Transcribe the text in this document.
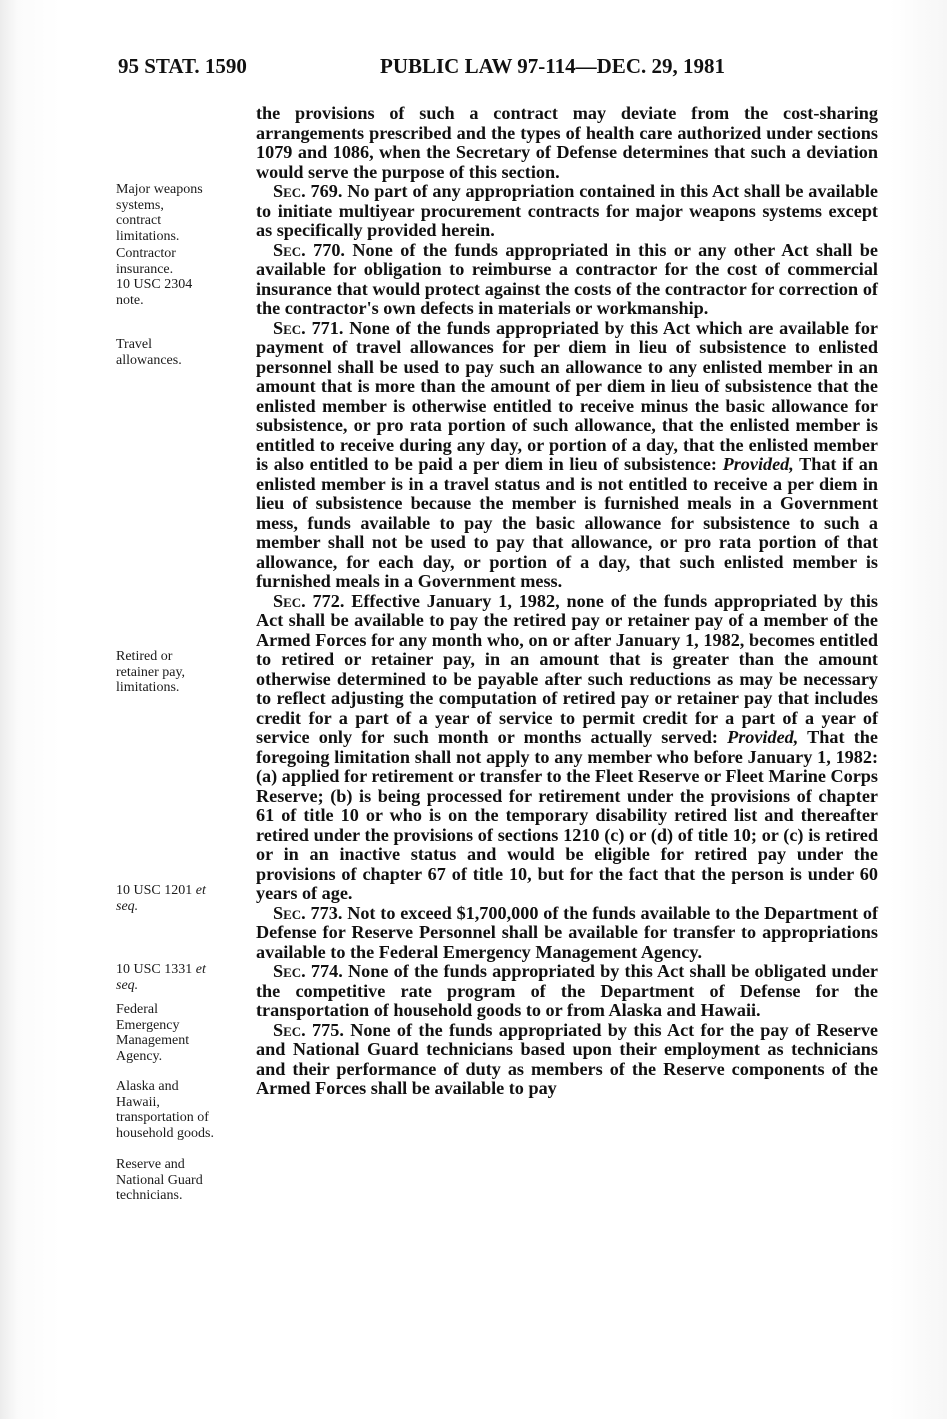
95 STAT. 1590	PUBLIC LAW 97-114—DEC. 29, 1981
Major weapons
systems,
contract
limitations.
Contractor
insurance.
10 USC 2304
note.
Travel
allowances.
Retired or
retainer pay,
limitations.
10 USC 1201 et
seq.
10 USC 1331 et
seq.
Federal
Emergency
Management
Agency.
Alaska and
Hawaii,
transportation of
household goods.
Reserve and
National Guard
technicians.

the provisions of such a contract may deviate from the cost-sharing arrangements prescribed and the types of health care authorized under sections 1079 and 1086, when the Secretary of Defense determines that such a deviation would serve the purpose of this section.

Sec. 769. No part of any appropriation contained in this Act shall be available to initiate multiyear procurement contracts for major weapons systems except as specifically provided herein.

Sec. 770. None of the funds appropriated in this or any other Act shall be available for obligation to reimburse a contractor for the cost of commercial insurance that would protect against the costs of the contractor for correction of the contractor's own defects in materials or workmanship.

Sec. 771. None of the funds appropriated by this Act which are available for payment of travel allowances for per diem in lieu of subsistence to enlisted personnel shall be used to pay such an allowance to any enlisted member in an amount that is more than the amount of per diem in lieu of subsistence that the enlisted member is otherwise entitled to receive minus the basic allowance for subsistence, or pro rata portion of such allowance, that the enlisted member is entitled to receive during any day, or portion of a day, that the enlisted member is also entitled to be paid a per diem in lieu of subsistence: Provided, That if an enlisted member is in a travel status and is not entitled to receive a per diem in lieu of subsistence because the member is furnished meals in a Government mess, funds available to pay the basic allowance for subsistence to such a member shall not be used to pay that allowance, or pro rata portion of that allowance, for each day, or portion of a day, that such enlisted member is furnished meals in a Government mess.

Sec. 772. Effective January 1, 1982, none of the funds appropriated by this Act shall be available to pay the retired pay or retainer pay of a member of the Armed Forces for any month who, on or after January 1, 1982, becomes entitled to retired or retainer pay, in an amount that is greater than the amount otherwise determined to be payable after such reductions as may be necessary to reflect adjusting the computation of retired pay or retainer pay that includes credit for a part of a year of service to permit credit for a part of a year of service only for such month or months actually served: Provided, That the foregoing limitation shall not apply to any member who before January 1, 1982: (a) applied for retirement or transfer to the Fleet Reserve or Fleet Marine Corps Reserve; (b) is being processed for retirement under the provisions of chapter 61 of title 10 or who is on the temporary disability retired list and thereafter retired under the provisions of sections 1210 (c) or (d) of title 10; or (c) is retired or in an inactive status and would be eligible for retired pay under the provisions of chapter 67 of title 10, but for the fact that the person is under 60 years of age.

Sec. 773. Not to exceed $1,700,000 of the funds available to the Department of Defense for Reserve Personnel shall be available for transfer to appropriations available to the Federal Emergency Management Agency.

Sec. 774. None of the funds appropriated by this Act shall be obligated under the competitive rate program of the Department of Defense for the transportation of household goods to or from Alaska and Hawaii.

Sec. 775. None of the funds appropriated by this Act for the pay of Reserve and National Guard technicians based upon their employment as technicians and their performance of duty as members of the Reserve components of the Armed Forces shall be available to pay
